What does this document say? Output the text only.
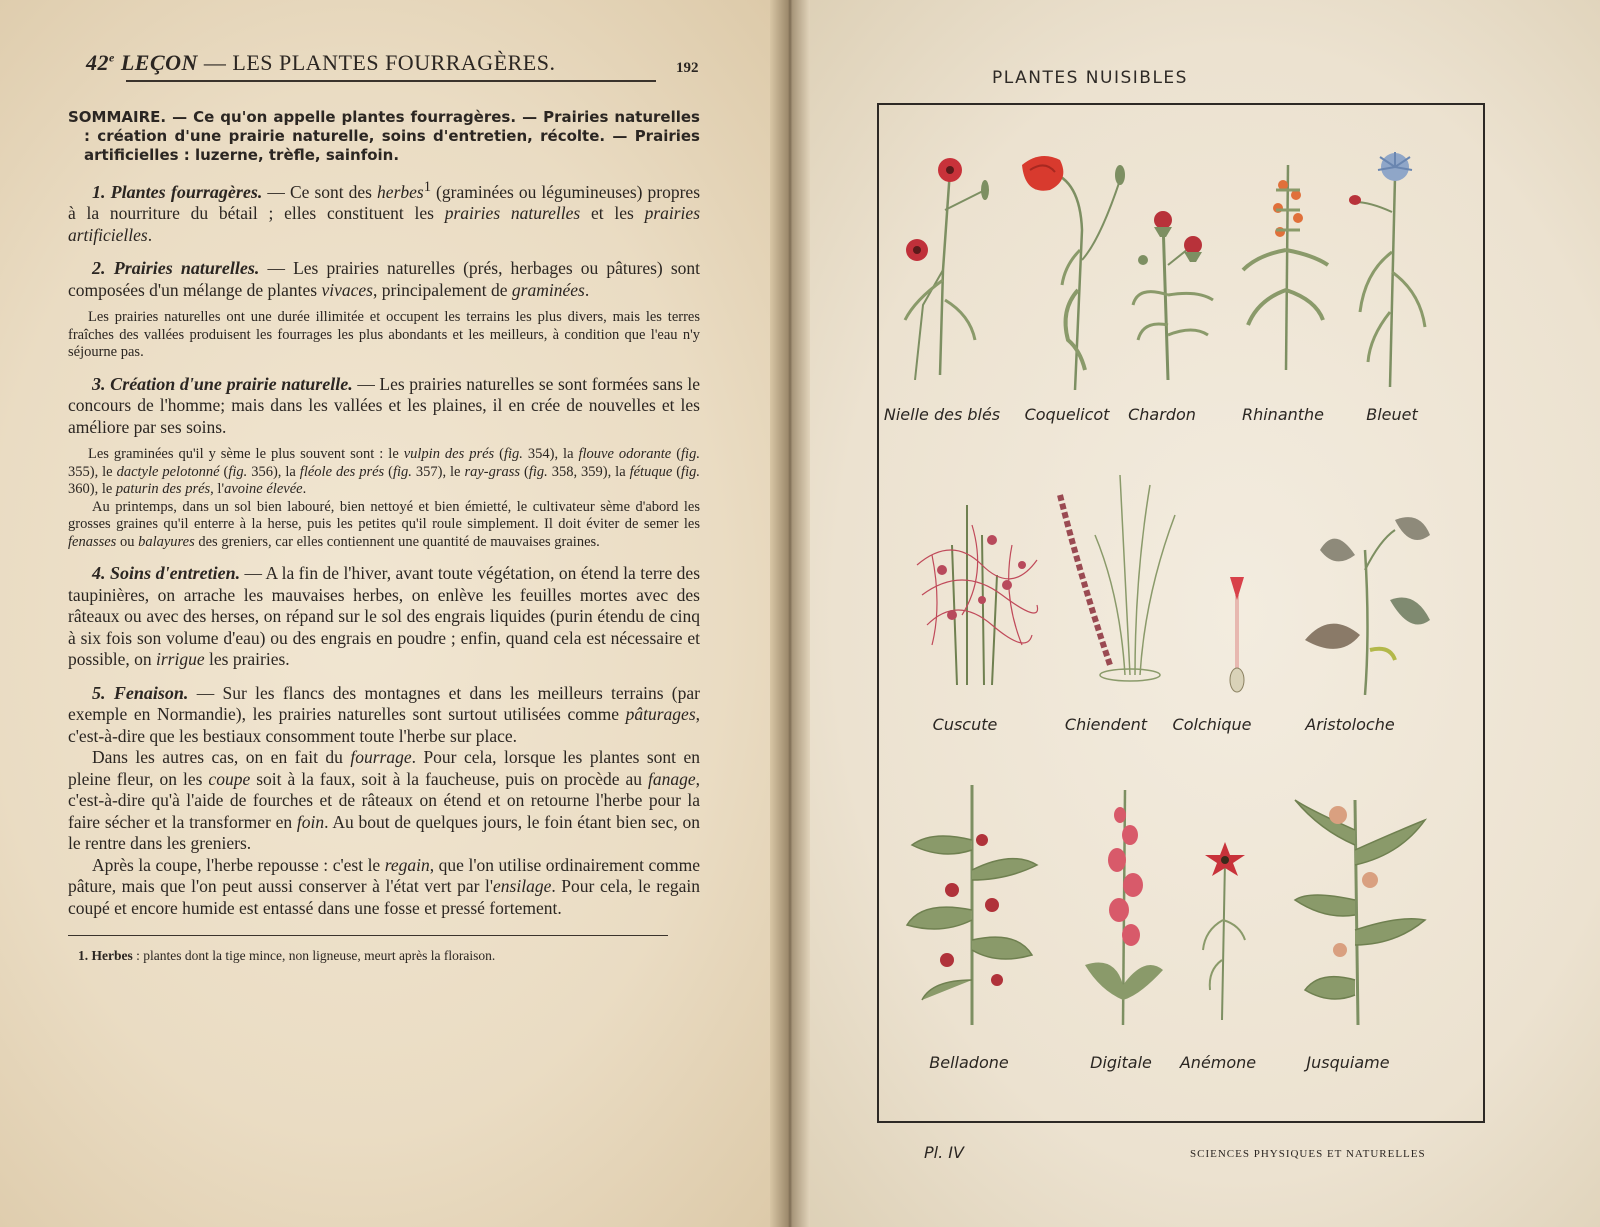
42e LEÇON — LES PLANTES FOURRAGÈRES.	192

SOMMAIRE. — Ce qu'on appelle plantes fourragères. — Prairies naturelles : création d'une prairie naturelle, soins d'entretien, récolte. — Prairies artificielles : luzerne, trèfle, sainfoin.

1. Plantes fourragères. — Ce sont des herbes$^1$ (graminées ou légumineuses) propres à la nourriture du bétail ; elles constituent les prairies naturelles et les prairies artificielles.

2. Prairies naturelles. — Les prairies naturelles (prés, herbages ou pâtures) sont composées d'un mélange de plantes vivaces, principalement de graminées.

Les prairies naturelles ont une durée illimitée et occupent les terrains les plus divers, mais les terres fraîches des vallées produisent les fourrages les plus abondants et les meilleurs, à condition que l'eau n'y séjourne pas.

3. Création d'une prairie naturelle. — Les prairies naturelles se sont formées sans le concours de l'homme; mais dans les vallées et les plaines, il en crée de nouvelles et les améliore par ses soins.

Les graminées qu'il y sème le plus souvent sont : le vulpin des prés (fig. 354), la flouve odorante (fig. 355), le dactyle pelotonné (fig. 356), la fléole des prés (fig. 357), le ray-grass (fig. 358, 359), la fétuque (fig. 360), le paturin des prés, l'avoine élevée.

Au printemps, dans un sol bien labouré, bien nettoyé et bien émietté, le cultivateur sème d'abord les grosses graines qu'il enterre à la herse, puis les petites qu'il roule simplement. Il doit éviter de semer les fenasses ou balayures des greniers, car elles contiennent une quantité de mauvaises graines.

4. Soins d'entretien. — A la fin de l'hiver, avant toute végétation, on étend la terre des taupinières, on arrache les mauvaises herbes, on enlève les feuilles mortes avec des râteaux ou avec des herses, on répand sur le sol des engrais liquides (purin étendu de cinq à six fois son volume d'eau) ou des engrais en poudre ; enfin, quand cela est nécessaire et possible, on irrigue les prairies.

5. Fenaison. — Sur les flancs des montagnes et dans les meilleurs terrains (par exemple en Normandie), les prairies naturelles sont surtout utilisées comme pâturages, c'est-à-dire que les bestiaux consomment toute l'herbe sur place.

Dans les autres cas, on en fait du fourrage. Pour cela, lorsque les plantes sont en pleine fleur, on les coupe soit à la faux, soit à la faucheuse, puis on procède au fanage, c'est-à-dire qu'à l'aide de fourches et de râteaux on étend et on retourne l'herbe pour la faire sécher et la transformer en foin. Au bout de quelques jours, le foin étant bien sec, on le rentre dans les greniers.

Après la coupe, l'herbe repousse : c'est le regain, que l'on utilise ordinairement comme pâture, mais que l'on peut aussi conserver à l'état vert par l'ensilage. Pour cela, le regain coupé et encore humide est entassé dans une fosse et pressé fortement.

1. Herbes : plantes dont la tige mince, non ligneuse, meurt après la floraison.

PLANTES NUISIBLES
Nielle des blés Coquelicot Chardon	Rhinanthe	Bleuet
Cuscute	Chiendent Colchique	Aristoloche
Belladone	Digitale Anémone	Jusquiame
Pl. IV	SCIENCES PHYSIQUES ET NATURELLES
